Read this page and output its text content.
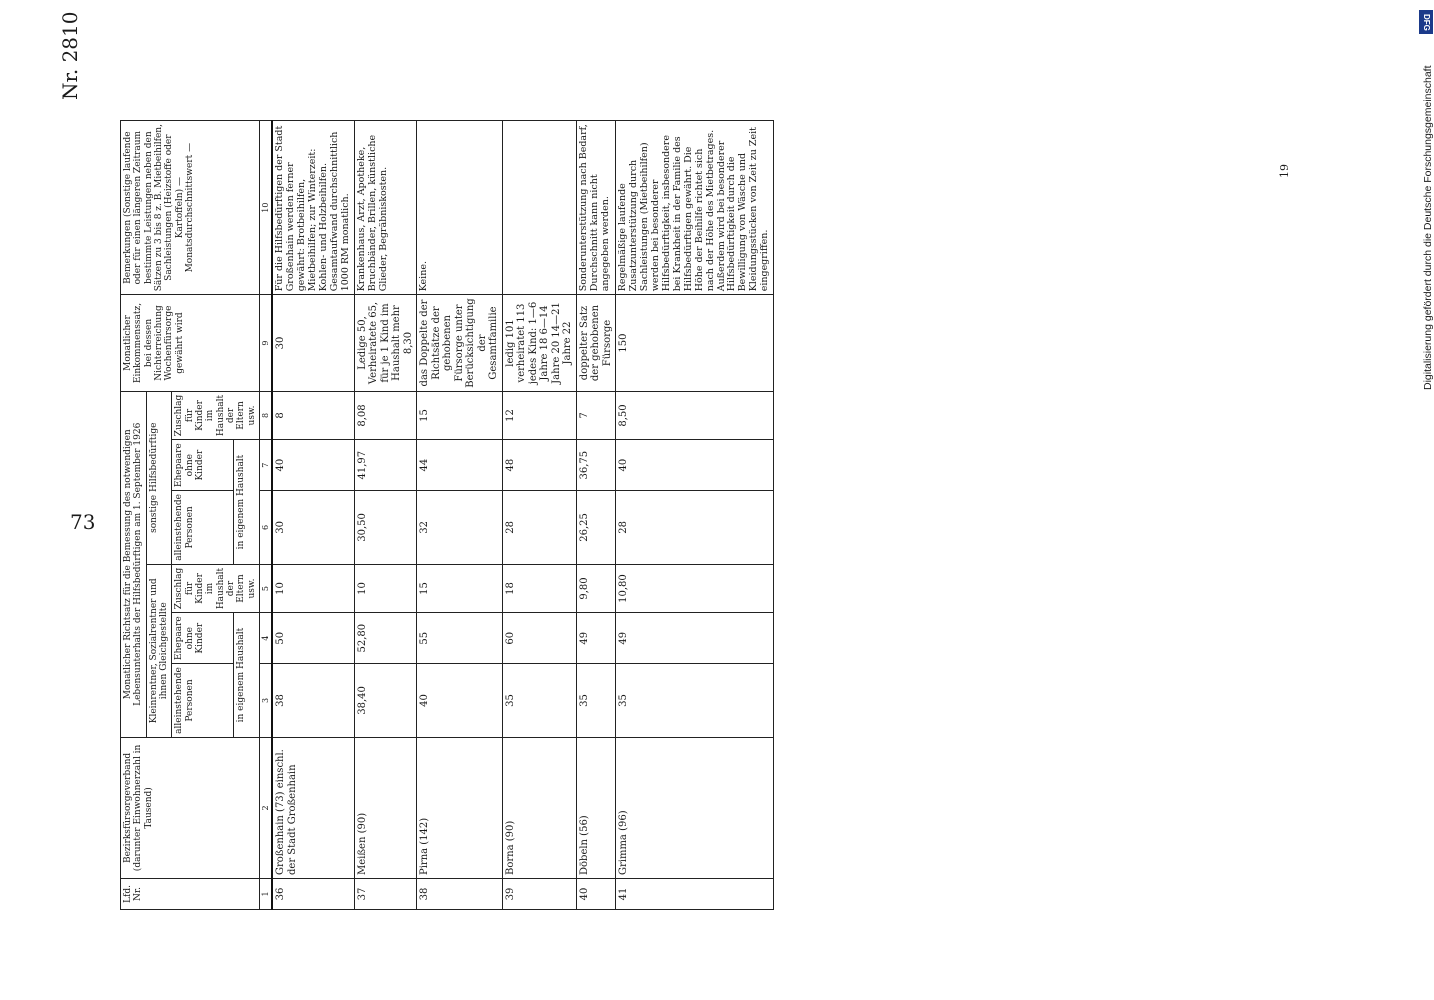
73
Nr. 2810
19	Digitalisierung gefördert durch die Deutsche Forschungsgemeinschaft
DFG
Lfd. Nr.	Bezirksfürsorgeverband (darunter Einwohnerzahl in Tausend)	Monatlicher Richtsatz für die Bemessung des notwendigen Lebensunterhalts der Hilfsbedürftigen am 1. September 1926						Monatlicher Einkommenssatz, bei dessen Nichterreichung Wochenfürsorge gewährt wird	Bemerkungen (Sonstige laufende oder für einen längeren Zeitraum bestimmte Leistungen neben den Sätzen zu 3 bis 8 z. B. Mietbeihilfen, Sachleistungen (Heizstoffe oder Kartoffeln) — Monatsdurchschnittswert —
		Kleinrentner, Sozialrentner und ihnen Gleichgestellte			sonstige Hilfsbedürftige				
		alleinstehende Personen	Ehepaare ohne Kinder	Zuschlag für Kinder im Haushalt der Eltern usw.	alleinstehende Personen	Ehepaare ohne Kinder	Zuschlag für Kinder im Haushalt der Eltern usw.		
		in eigenem Haushalt			in eigenem Haushalt				
1	2	3	4	5	6	7	8	9	10
36	Großenhain (73) einschl. der Stadt Großenhain	38	50	10	30	40	8	30	Für die Hilfsbedürftigen der Stadt Großenhain werden ferner gewährt: Brotbeihilfen, Mietbeihilfen; zur Winterzeit: Kohlen- und Holzbeihilfen. Gesamtaufwand durchschnittlich 1000 RM monatlich.
37	Meißen (90)	38,40	52,80	10	30,50	41,97	8,08	Ledige 50, Verheiratete 65, für je 1 Kind im Haushalt mehr 8,30	Krankenhaus, Arzt, Apotheke, Bruchbänder, Brillen, künstliche Glieder, Begräbniskosten.
38	Pirna (142)	40	55	15	32	44	15	das Doppelte der Richtsätze der gehobenen Fürsorge unter Berücksichtigung der Gesamtfamilie	Keine.
39	Borna (90)	35	60	18	28	48	12	ledig 101 verheiratet 113 jedes Kind: 1—6 Jahre 18 6—14 Jahre 20 14—21 Jahre 22	
40	Döbeln (56)	35	49	9,80	26,25	36,75	7	doppelter Satz der gehobenen Fürsorge	Sonderunterstützung nach Bedarf, Durchschnitt kann nicht angegeben werden.
41	Grimma (96)	35	49	10,80	28	40	8,50	150	Regelmäßige laufende Zusatzunterstützung durch Sachleistungen (Mietbeihilfen) werden bei besonderer Hilfsbedürftigkeit, insbesondere bei Krankheit in der Familie des Hilfsbedürftigen gewährt. Die Höhe der Beihilfe richtet sich nach der Höhe des Mietbetrages. Außerdem wird bei besonderer Hilfsbedürftigkeit durch die Bewilligung von Wäsche und Kleidungsstücken von Zeit zu Zeit eingegriffen.
